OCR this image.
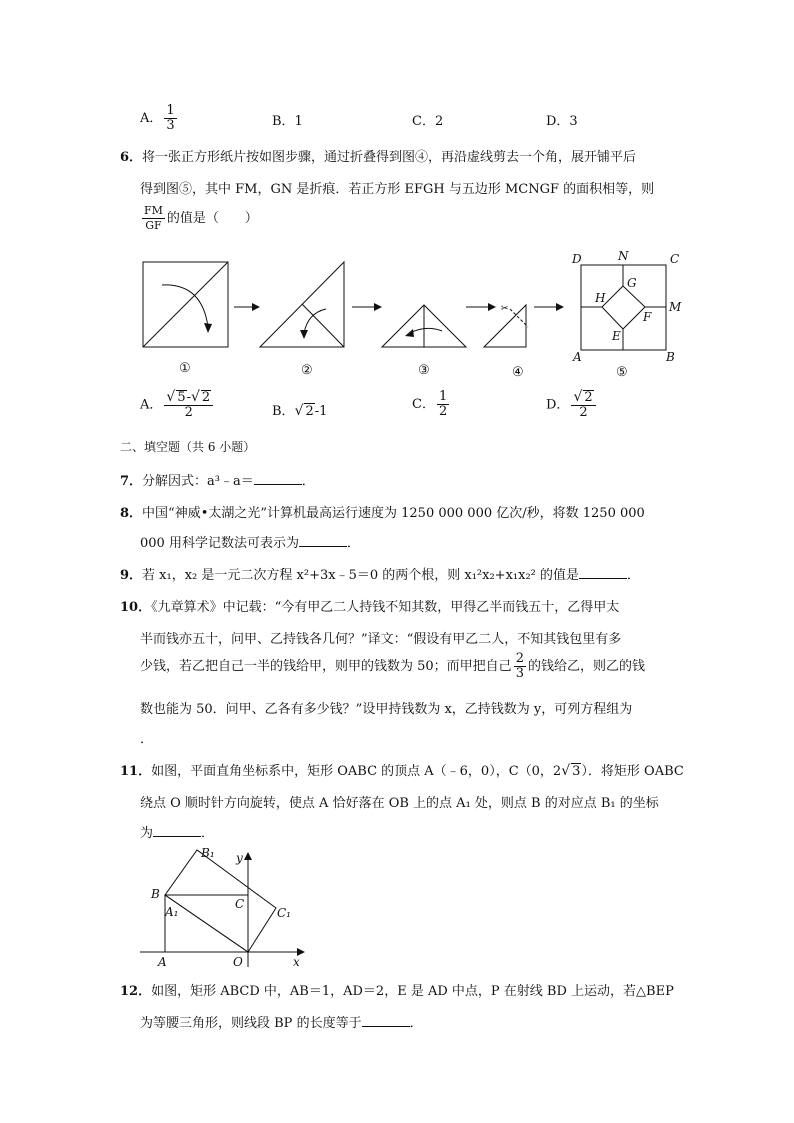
A． $\frac{1}{3}$	B．1	C．2	D．3
6．将一张正方形纸片按如图步骤，通过折叠得到图④，再沿虚线剪去一个角，展开铺平后
得到图⑤，其中 FM，GN 是折痕．若正方形 EFGH 与五边形 MCNGF 的面积相等，则
$\frac{FM}{GF}$ 的值是（　　）
✂
D	N	C
G
H
M
F
E
A	B
①	②	③	④	⑤
A． $\frac{√ 5-√ 2}{2}$	B．√ 2-1	C． $\frac{1}{2}$	D． $\frac{√ 2}{2}$
二、填空题（共 6 小题）
7．分解因式：a³﹣a＝	．
8．中国“神威•太湖之光”计算机最高运行速度为 1250 000 000 亿次/秒，将数 1250 000
000 用科学记数法可表示为	．
9．若 x₁，x₂ 是一元二次方程 x²+3x﹣5＝0 的两个根，则 x₁²x₂+x₁x₂² 的值是	．
10．《九章算术》中记载：“今有甲乙二人持钱不知其数，甲得乙半而钱五十，乙得甲太
半而钱亦五十，问甲、乙持钱各几何？”译文：“假设有甲乙二人，不知其钱包里有多
少钱，若乙把自己一半的钱给甲，则甲的钱数为 50；而甲把自己 $\frac{2}{3}$ 的钱给乙，则乙的钱
数也能为 50．问甲、乙各有多少钱？”设甲持钱数为 x，乙持钱数为 y，可列方程组为
．
11．如图，平面直角坐标系中，矩形 OABC 的顶点 A（﹣6，0），C（0，2√ 3）．将矩形 OABC
绕点 O 顺时针方向旋转，使点 A 恰好落在 OB 上的点 A₁ 处，则点 B 的对应点 B₁ 的坐标
为	．
B₁ y
B
C
A₁	C₁
A	O	x
12．如图，矩形 ABCD 中，AB＝1，AD＝2，E 是 AD 中点，P 在射线 BD 上运动，若△BEP
为等腰三角形，则线段 BP 的长度等于	．
